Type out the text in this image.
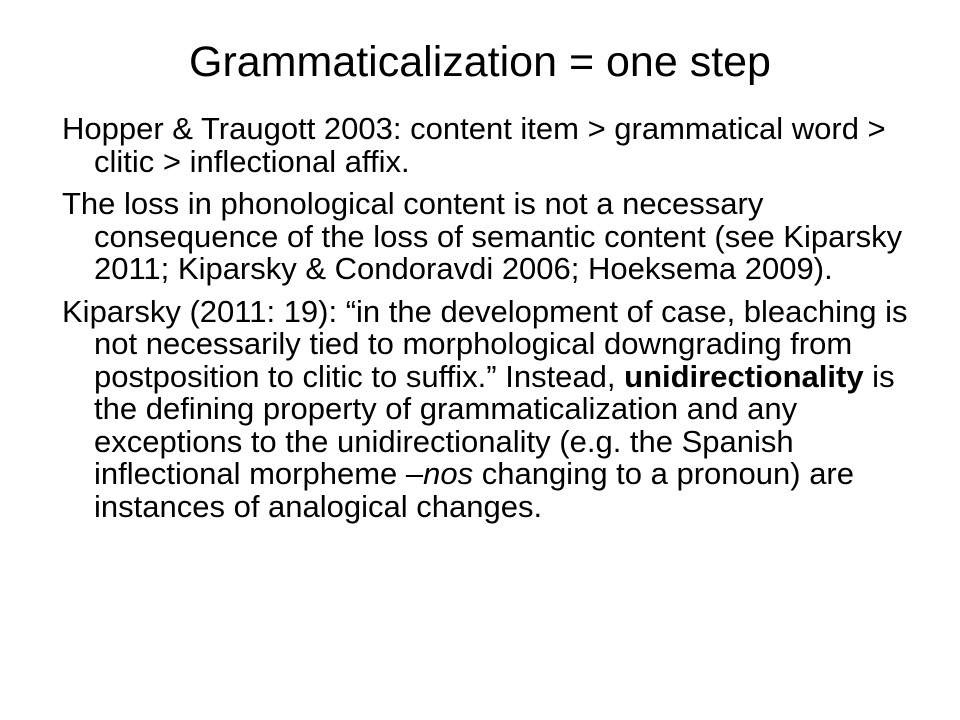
Grammaticalization = one step

Hopper & Traugott 2003: content item > grammatical word > clitic > inflectional affix.

The loss in phonological content is not a necessary consequence of the loss of semantic content (see Kiparsky 2011; Kiparsky & Condoravdi 2006; Hoeksema 2009).

Kiparsky (2011: 19): “in the development of case, bleaching is not necessarily tied to morphological downgrading from postposition to clitic to suffix.” Instead, unidirectionality is the defining property of grammaticalization and any exceptions to the unidirectionality (e.g. the Spanish inflectional morpheme –nos changing to a pronoun) are instances of analogical changes.
